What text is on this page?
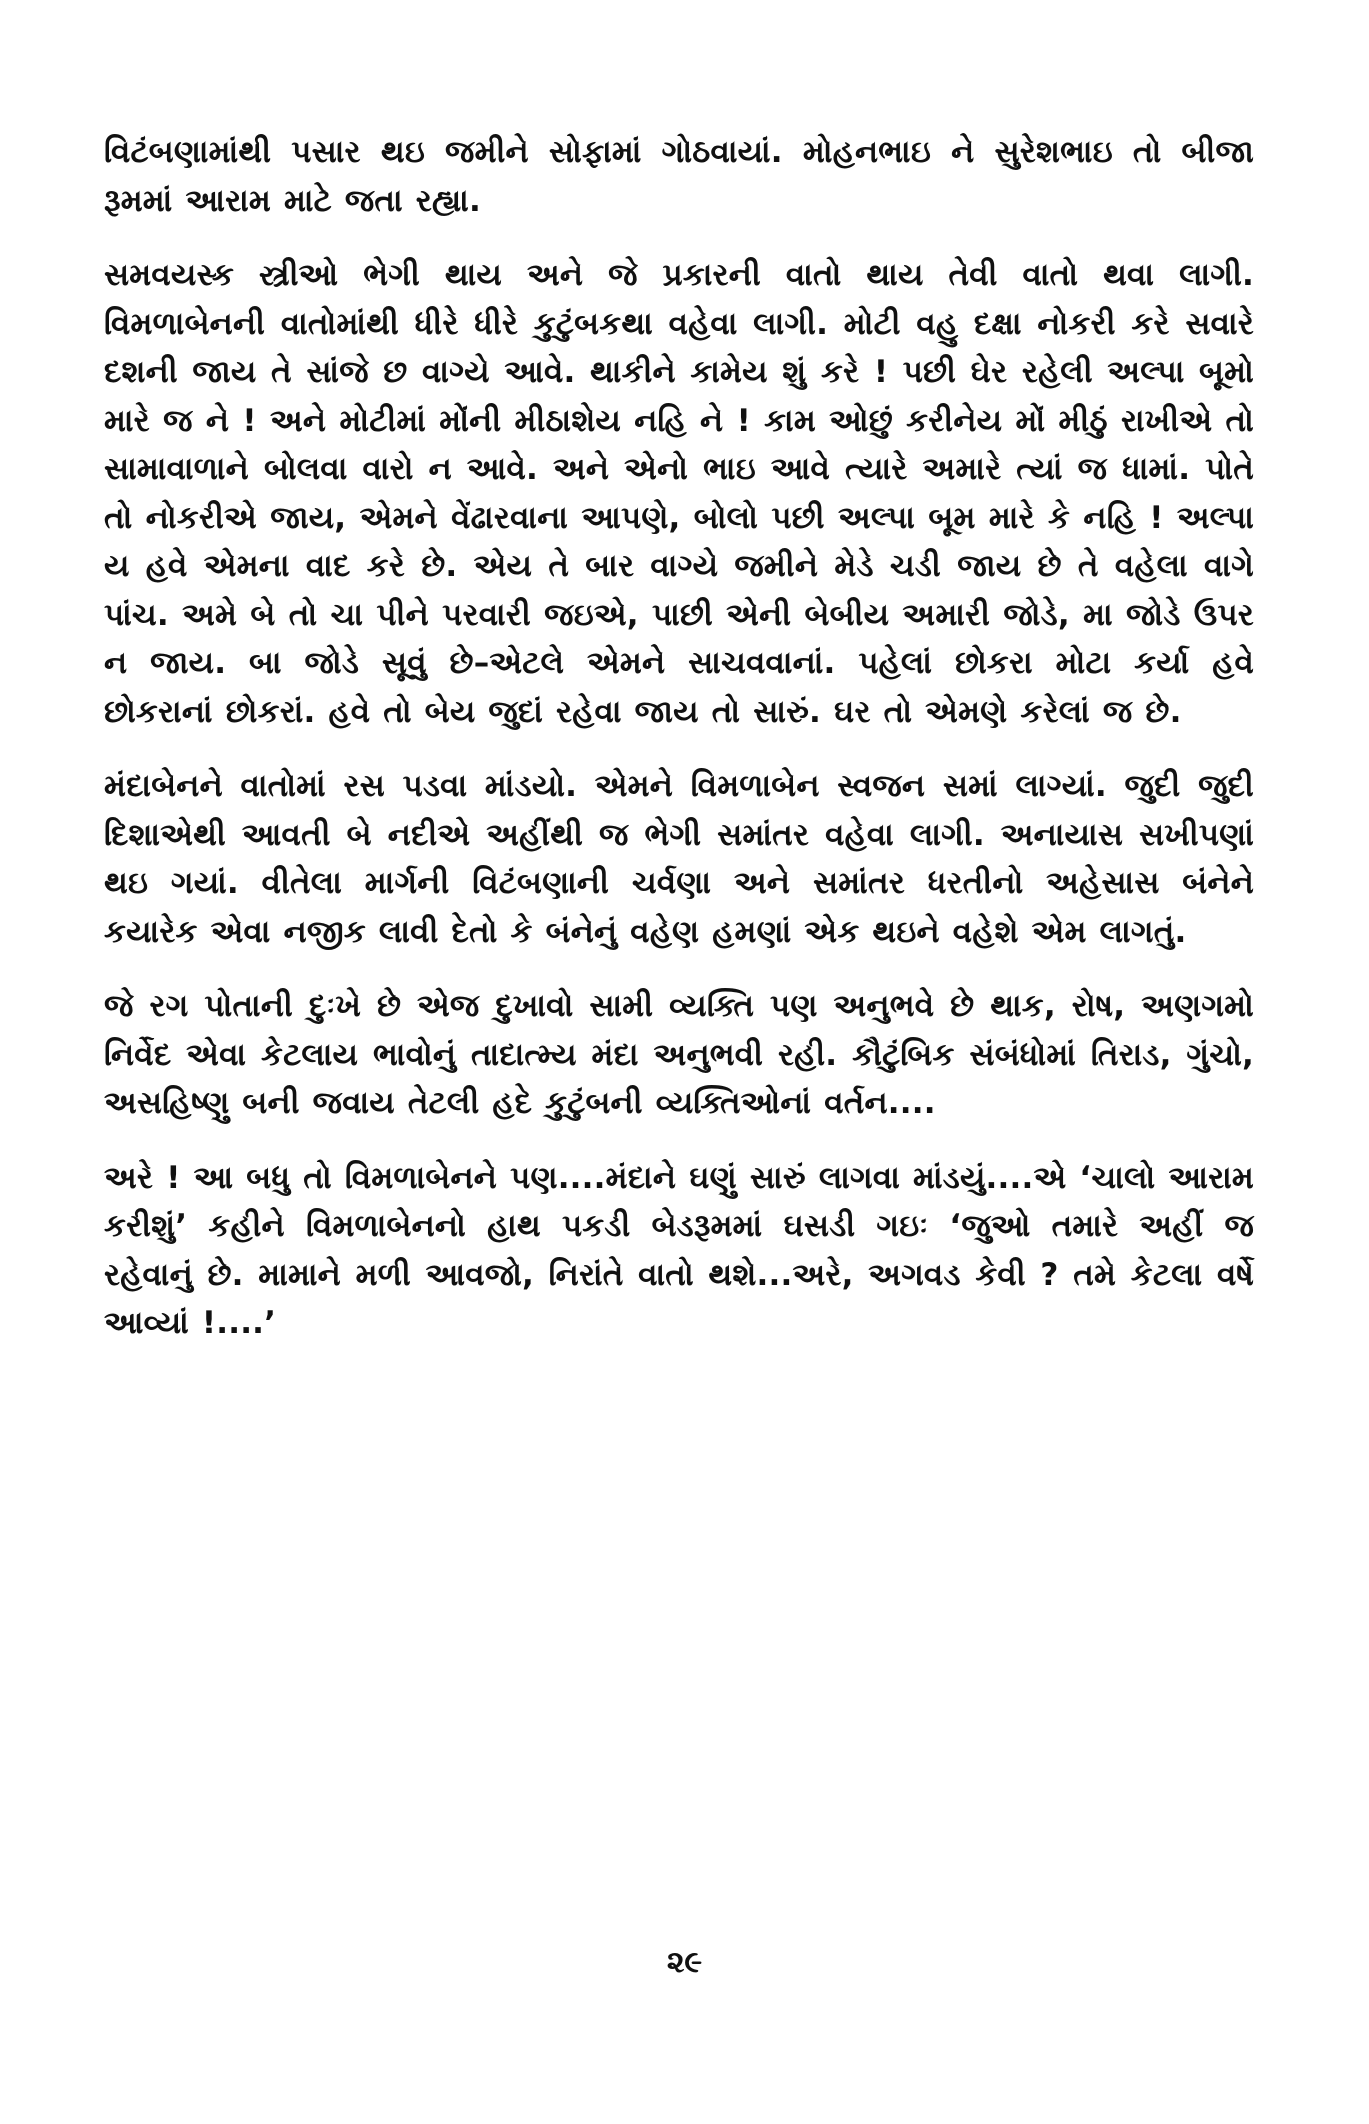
વિટંબણામાંથી પસાર થઇ જમીને સોફામાં ગોઠવાયાં. મોહનભાઇ ને સુરેશભાઇ તો બીજા રૂમમાં આરામ માટે જતા રહ્યા.

સમવયસ્ક સ્ત્રીઓ ભેગી થાય અને જે પ્રકારની વાતો થાય તેવી વાતો થવા લાગી. વિમળાબેનની વાતોમાંથી ધીરે ધીરે કુટુંબકથા વહેવા લાગી. મોટી વહુ દક્ષા નોકરી કરે સવારે દશની જાય તે સાંજે છ વાગ્યે આવે. થાકીને કામેય શું કરે ! પછી ઘેર રહેલી અલ્પા બૂમો મારે જ ને ! અને મોટીમાં મોંની મીઠાશેય નહિ ને ! કામ ઓછું કરીનેય મોં મીઠું રાખીએ તો સામાવાળાને બોલવા વારો ન આવે. અને એનો ભાઇ આવે ત્યારે અમારે ત્યાં જ ધામાં. પોતે તો નોકરીએ જાય, એમને વેંઢારવાના આપણે, બોલો પછી અલ્પા બૂમ મારે કે નહિ ! અલ્પા ય હવે એમના વાદ કરે છે. એય તે બાર વાગ્યે જમીને મેડે ચડી જાય છે તે વહેલા વાગે પાંચ. અમે બે તો ચા પીને પરવારી જઇએ, પાછી એની બેબીય અમારી જોડે, મા જોડે ઉપર ન જાય. બા જોડે સૂવું છે–એટલે એમને સાચવવાનાં. પહેલાં છોકરા મોટા કર્યા હવે છોકરાનાં છોકરાં. હવે તો બેય જુદાં રહેવા જાય તો સારું. ઘર તો એમણે કરેલાં જ છે.

મંદાબેનને વાતોમાં રસ પડવા માંડયો. એમને વિમળાબેન સ્વજન સમાં લાગ્યાં. જુદી જુદી દિશાએથી આવતી બે નદીએ અહીંથી જ ભેગી સમાંતર વહેવા લાગી. અનાયાસ સખીપણાં થઇ ગયાં. વીતેલા માર્ગની વિટંબણાની ચર્વણા અને સમાંતર ધરતીનો અહેસાસ બંનેને કયારેક એવા નજીક લાવી દેતો કે બંનેનું વહેણ હમણાં એક થઇને વહેશે એમ લાગતું.

જે રગ પોતાની દુઃખે છે એજ દુખાવો સામી વ્યક્તિ પણ અનુભવે છે થાક, રોષ, અણગમો નિર્વેદ એવા કેટલાય ભાવોનું તાદાત્મ્ય મંદા અનુભવી રહી. કૌટુંબિક સંબંધોમાં તિરાડ, ગુંચો, અસહિષ્ણુ બની જવાય તેટલી હદે કુટુંબની વ્યક્તિઓનાં વર્તન....

અરે ! આ બધુ તો વિમળાબેનને પણ....મંદાને ઘણું સારું લાગવા માંડયું....એ ‘ચાલો આરામ કરીશું’ કહીને વિમળાબેનનો હાથ પકડી બેડરૂમમાં ઘસડી ગઇઃ ‘જુઓ તમારે અહીં જ રહેવાનું છે. મામાને મળી આવજો, નિરાંતે વાતો થશે...અરે, અગવડ કેવી ? તમે કેટલા વર્ષે આવ્યાં !....’

૨૯
